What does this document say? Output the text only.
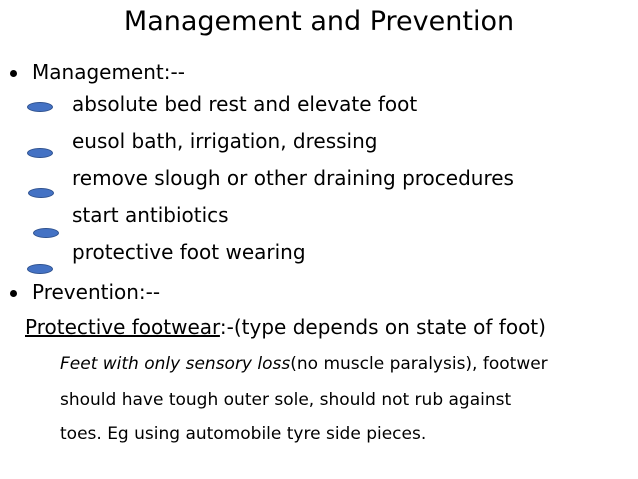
Management and Prevention
Management:--
absolute bed rest and elevate foot
eusol bath, irrigation, dressing
remove slough or other draining procedures
start antibiotics
protective foot wearing
Prevention:--
Protective footwear:-(type depends on state of foot)
Feet with only sensory loss(no muscle paralysis), footwer
should have tough outer sole, should not rub against
toes. Eg using automobile tyre side pieces.
